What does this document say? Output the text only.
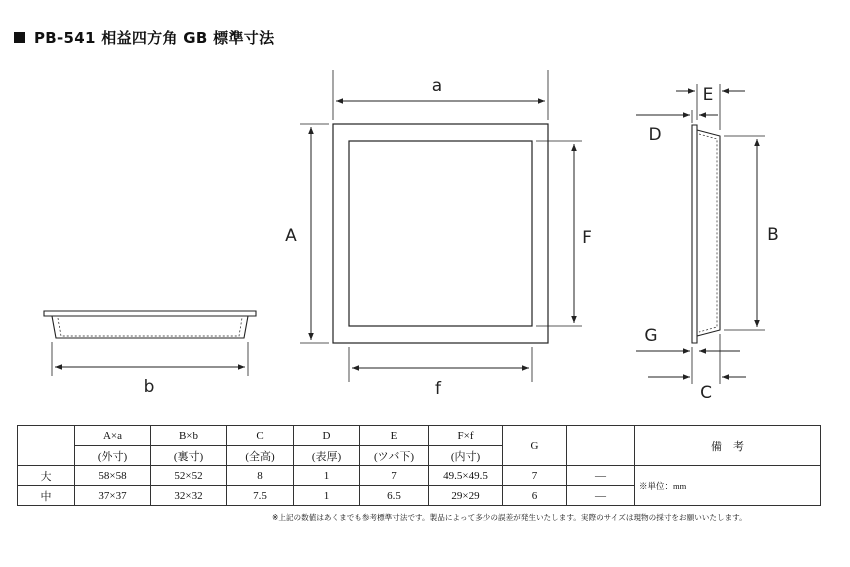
PB-541 相益四方角 GB 標準寸法
a
A	F
f
b
E
D
B
G
C
	A×a	B×b	C	D	E	F×f	G		備　考
	(外寸)	(裏寸)	(全高)	(表厚)	(ツバ下)	(内寸)			
大	58×58	52×52	8	1	7	49.5×49.5	7	—	※単位：mm
中	37×37	32×32	7.5	1	6.5	29×29	6	—	
※上記の数値はあくまでも参考標準寸法です。製品によって多少の誤差が発生いたします。実際のサイズは現物の採寸をお願いいたします。
